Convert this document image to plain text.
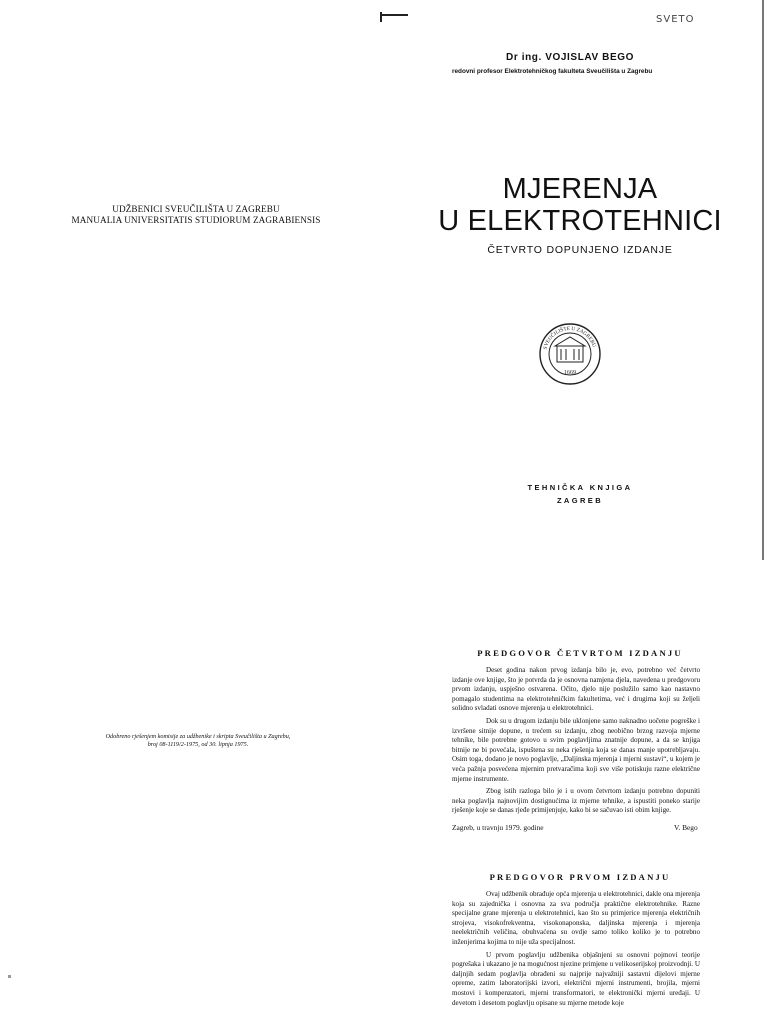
UDŽBENICI SVEUČILIŠTA U ZAGREBU
MANUALIA UNIVERSITATIS STUDIORUM ZAGRABIENSIS
Odobreno rješenjem komisije za udžbenike i skripta Sveučilišta u Zagrebu,
broj 08-1119/2-1975, od 30. lipnja 1975.
SVETO
Dr ing. VOJISLAV BEGO
redovni profesor Elektrotehničkog fakulteta Sveučilišta u Zagrebu
MJERENJA
U ELEKTROTEHNICI
ČETVRTO DOPUNJENO IZDANJE
SVEUČILIŠTE U ZAGREBU
1669
TEHNIČKA KNJIGA
ZAGREB
PREDGOVOR ČETVRTOM IZDANJU

Deset godina nakon prvog izdanja bilo je, evo, potrebno već četvrto izdanje ove knjige, što je potvrda da je osnovna namjena djela, navedena u predgovoru prvom izdanju, uspješno ostvarena. Očito, djelo nije poslužilo samo kao nastavno pomagalo studentima na elektrotehničkim fakultetima, već i drugima koji su željeli solidno svladati osnove mjerenja u elektrotehnici.

Dok su u drugom izdanju bile uklonjene samo naknadno uočene pogreške i izvršene sitnije dopune, u trećem su izdanju, zbog neobično brzog razvoja mjerne tehnike, bile potrebne gotovo u svim poglavljima znatnije dopune, a da se knjiga bitnije ne bi povećala, ispuštena su neka rješenja koja se danas manje upotrebljavaju. Osim toga, dodano je novo poglavlje, „Daljinska mjerenja i mjerni sustavi“, u kojem je veća pažnja posvećena mjernim pretvaračima koji sve više potiskuju razne električne mjerne instrumente.

Zbog istih razloga bilo je i u ovom četvrtom izdanju potrebno dopuniti neka poglavlja najnovijim dostignućima iz mjerne tehnike, a ispustiti poneko starije rješenje koje se danas rjeđe primijenjuje, kako bi se sačuvao isti obim knjige.

Zagreb, u travnju 1979. godine	V. Bego
PREDGOVOR PRVOM IZDANJU

Ovaj udžbenik obrađuje opća mjerenja u elektrotehnici, dakle ona mjerenja koja su zajednička i osnovna za sva područja praktične elektrotehnike. Razne specijalne grane mjerenja u elektrotehnici, kao što su primjerice mjerenja električnih strojeva, visokofrekventna, visokonaponska, daljinska mjerenja i mjerenja neelektričnih veličina, obuhvaćena su ovdje samo toliko koliko je to potrebno inženjerima kojima to nije uža specijalnost.

U prvom poglavlju udžbenika objašnjeni su osnovni pojmovi teorije pogrešaka i ukazano je na mogućnost njezine primjene u velikoserijskoj proizvodnji. U daljnjih sedam poglavlja obrađeni su najprije najvažniji sastavni dijelovi mjerne opreme, zatim laboratorijski izvori, električni mjerni instrumenti, brojila, mjerni mostovi i kompenzatori, mjerni transformatori, te elektronički mjerni uređaji. U devetom i desetom poglavlju opisane su mjerne metode koje
